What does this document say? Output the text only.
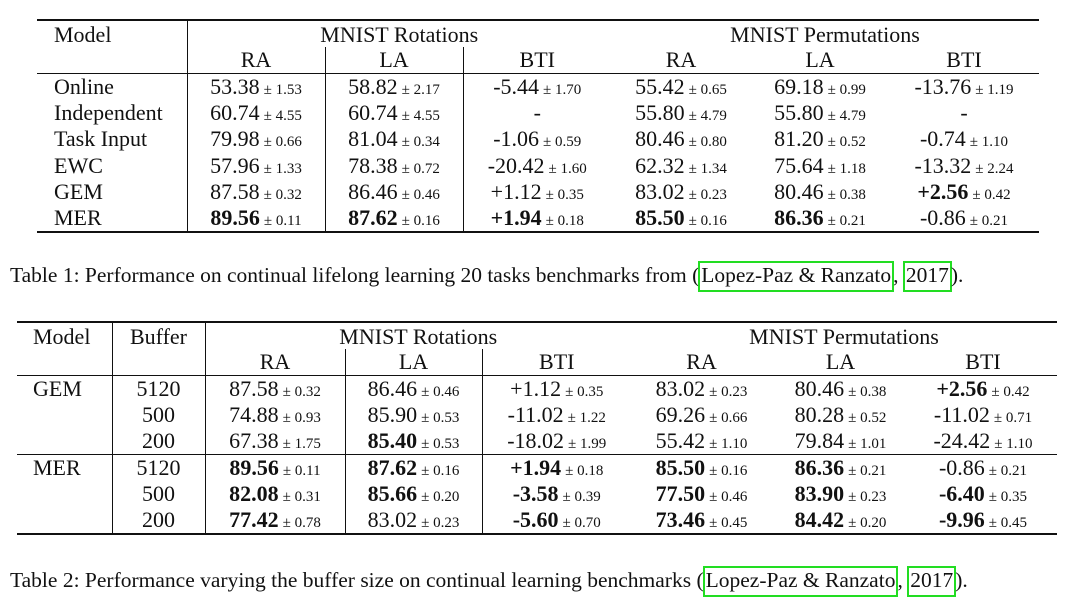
Model	MNIST Rotations			MNIST Permutations		
	RA	LA	BTI	RA	LA	BTI
Online	53.38 ± 1.53	58.82 ± 2.17	-5.44 ± 1.70	55.42 ± 0.65	69.18 ± 0.99	-13.76 ± 1.19
Independent	60.74 ± 4.55	60.74 ± 4.55	-	55.80 ± 4.79	55.80 ± 4.79	-
Task Input	79.98 ± 0.66	81.04 ± 0.34	-1.06 ± 0.59	80.46 ± 0.80	81.20 ± 0.52	-0.74 ± 1.10
EWC	57.96 ± 1.33	78.38 ± 0.72	-20.42 ± 1.60	62.32 ± 1.34	75.64 ± 1.18	-13.32 ± 2.24
GEM	87.58 ± 0.32	86.46 ± 0.46	+1.12 ± 0.35	83.02 ± 0.23	80.46 ± 0.38	+2.56 ± 0.42
MER	89.56 ± 0.11	87.62 ± 0.16	+1.94 ± 0.18	85.50 ± 0.16	86.36 ± 0.21	-0.86 ± 0.21
Table 1: Performance on continual lifelong learning 20 tasks benchmarks from (Lopez-Paz & Ranzato, 2017).
Model	Buffer	MNIST Rotations			MNIST Permutations		
		RA	LA	BTI	RA	LA	BTI
GEM	5120	87.58 ± 0.32	86.46 ± 0.46	+1.12 ± 0.35	83.02 ± 0.23	80.46 ± 0.38	+2.56 ± 0.42
	500	74.88 ± 0.93	85.90 ± 0.53	-11.02 ± 1.22	69.26 ± 0.66	80.28 ± 0.52	-11.02 ± 0.71
	200	67.38 ± 1.75	85.40 ± 0.53	-18.02 ± 1.99	55.42 ± 1.10	79.84 ± 1.01	-24.42 ± 1.10
MER	5120	89.56 ± 0.11	87.62 ± 0.16	+1.94 ± 0.18	85.50 ± 0.16	86.36 ± 0.21	-0.86 ± 0.21
	500	82.08 ± 0.31	85.66 ± 0.20	-3.58 ± 0.39	77.50 ± 0.46	83.90 ± 0.23	-6.40 ± 0.35
	200	77.42 ± 0.78	83.02 ± 0.23	-5.60 ± 0.70	73.46 ± 0.45	84.42 ± 0.20	-9.96 ± 0.45
Table 2: Performance varying the buffer size on continual learning benchmarks (Lopez-Paz & Ranzato, 2017).
